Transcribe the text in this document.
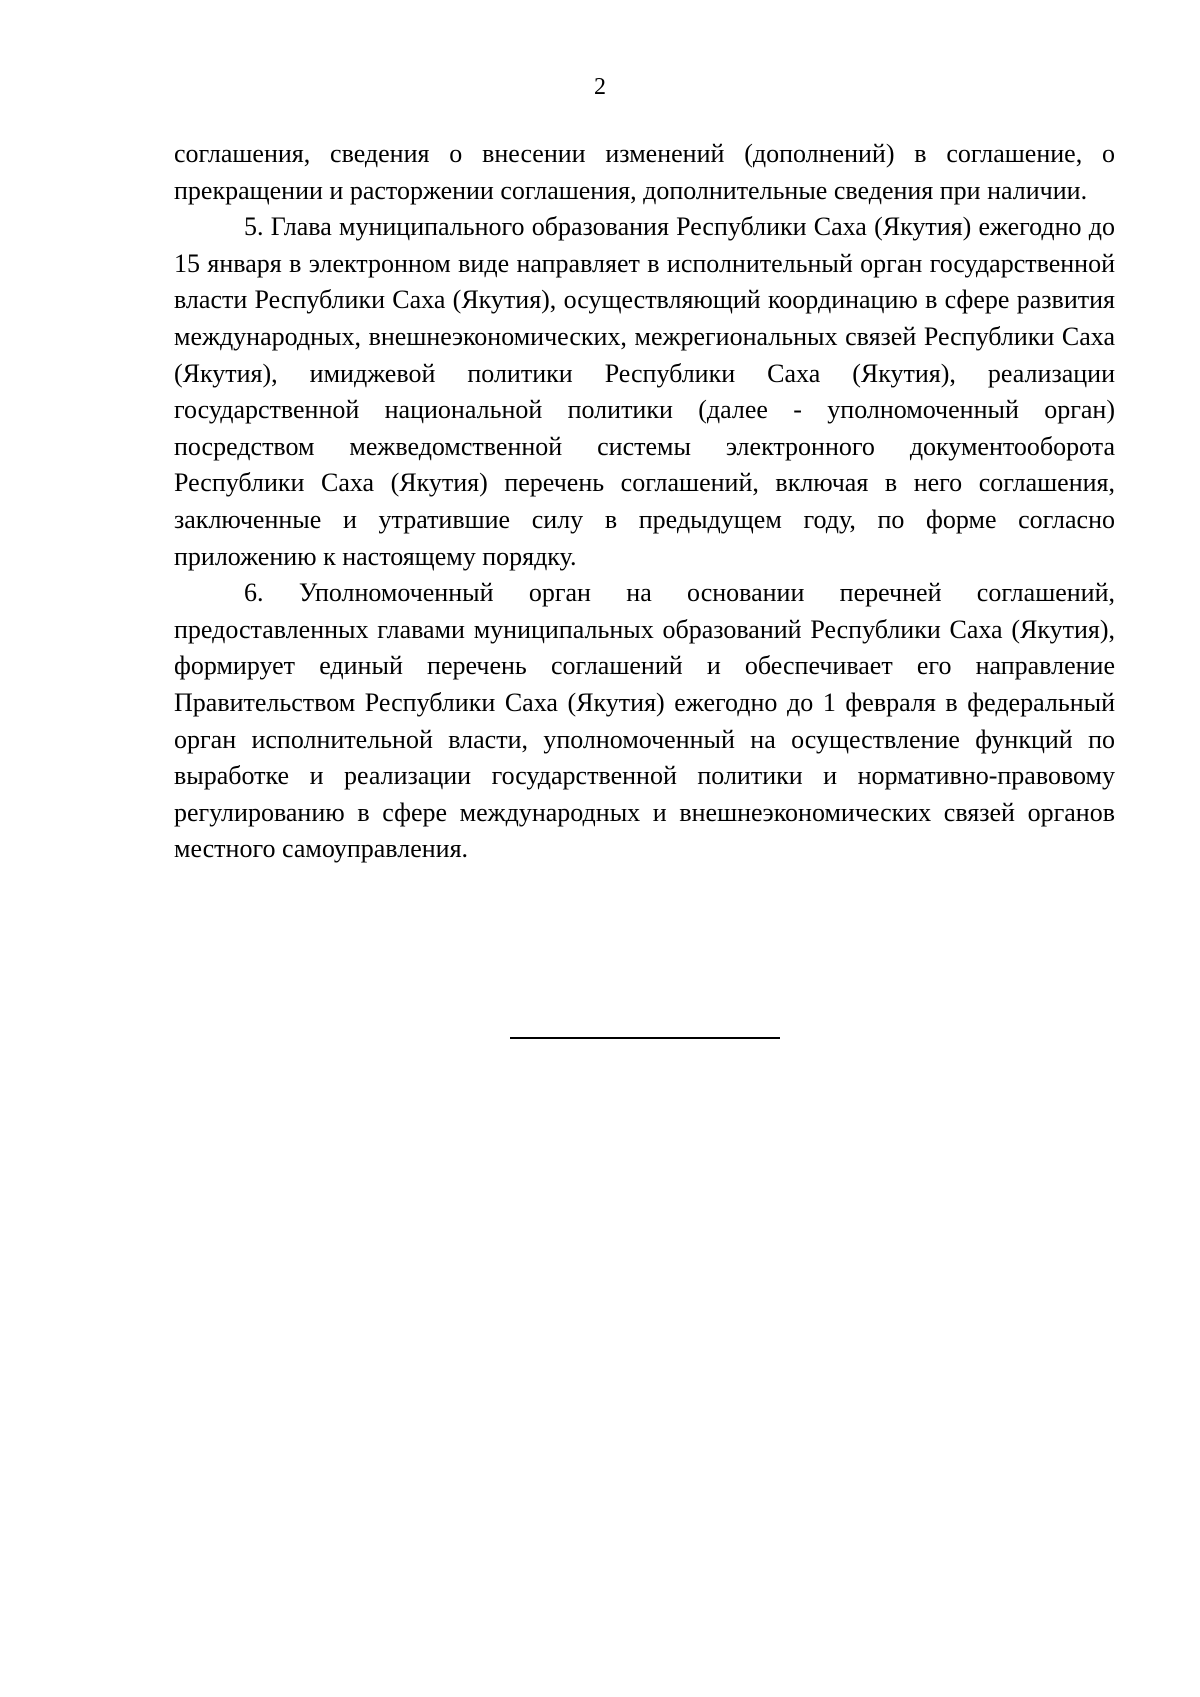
2

соглашения, сведения о внесении изменений (дополнений) в соглашение, о прекращении и расторжении соглашения, дополнительные сведения при наличии.

5. Глава муниципального образования Республики Саха (Якутия) ежегодно до 15 января в электронном виде направляет в исполнительный орган государственной власти Республики Саха (Якутия), осуществляющий координацию в сфере развития международных, внешнеэкономических, межрегиональных связей Республики Саха (Якутия), имиджевой политики Республики Саха (Якутия), реализации государственной национальной политики (далее - уполномоченный орган) посредством межведомственной системы электронного документооборота Республики Саха (Якутия) перечень соглашений, включая в него соглашения, заключенные и утратившие силу в предыдущем году, по форме согласно приложению к настоящему порядку.

6. Уполномоченный орган на основании перечней соглашений, предоставленных главами муниципальных образований Республики Саха (Якутия), формирует единый перечень соглашений и обеспечивает его направление Правительством Республики Саха (Якутия) ежегодно до 1 февраля в федеральный орган исполнительной власти, уполномоченный на осуществление функций по выработке и реализации государственной политики и нормативно-правовому регулированию в сфере международных и внешнеэкономических связей органов местного самоуправления.
